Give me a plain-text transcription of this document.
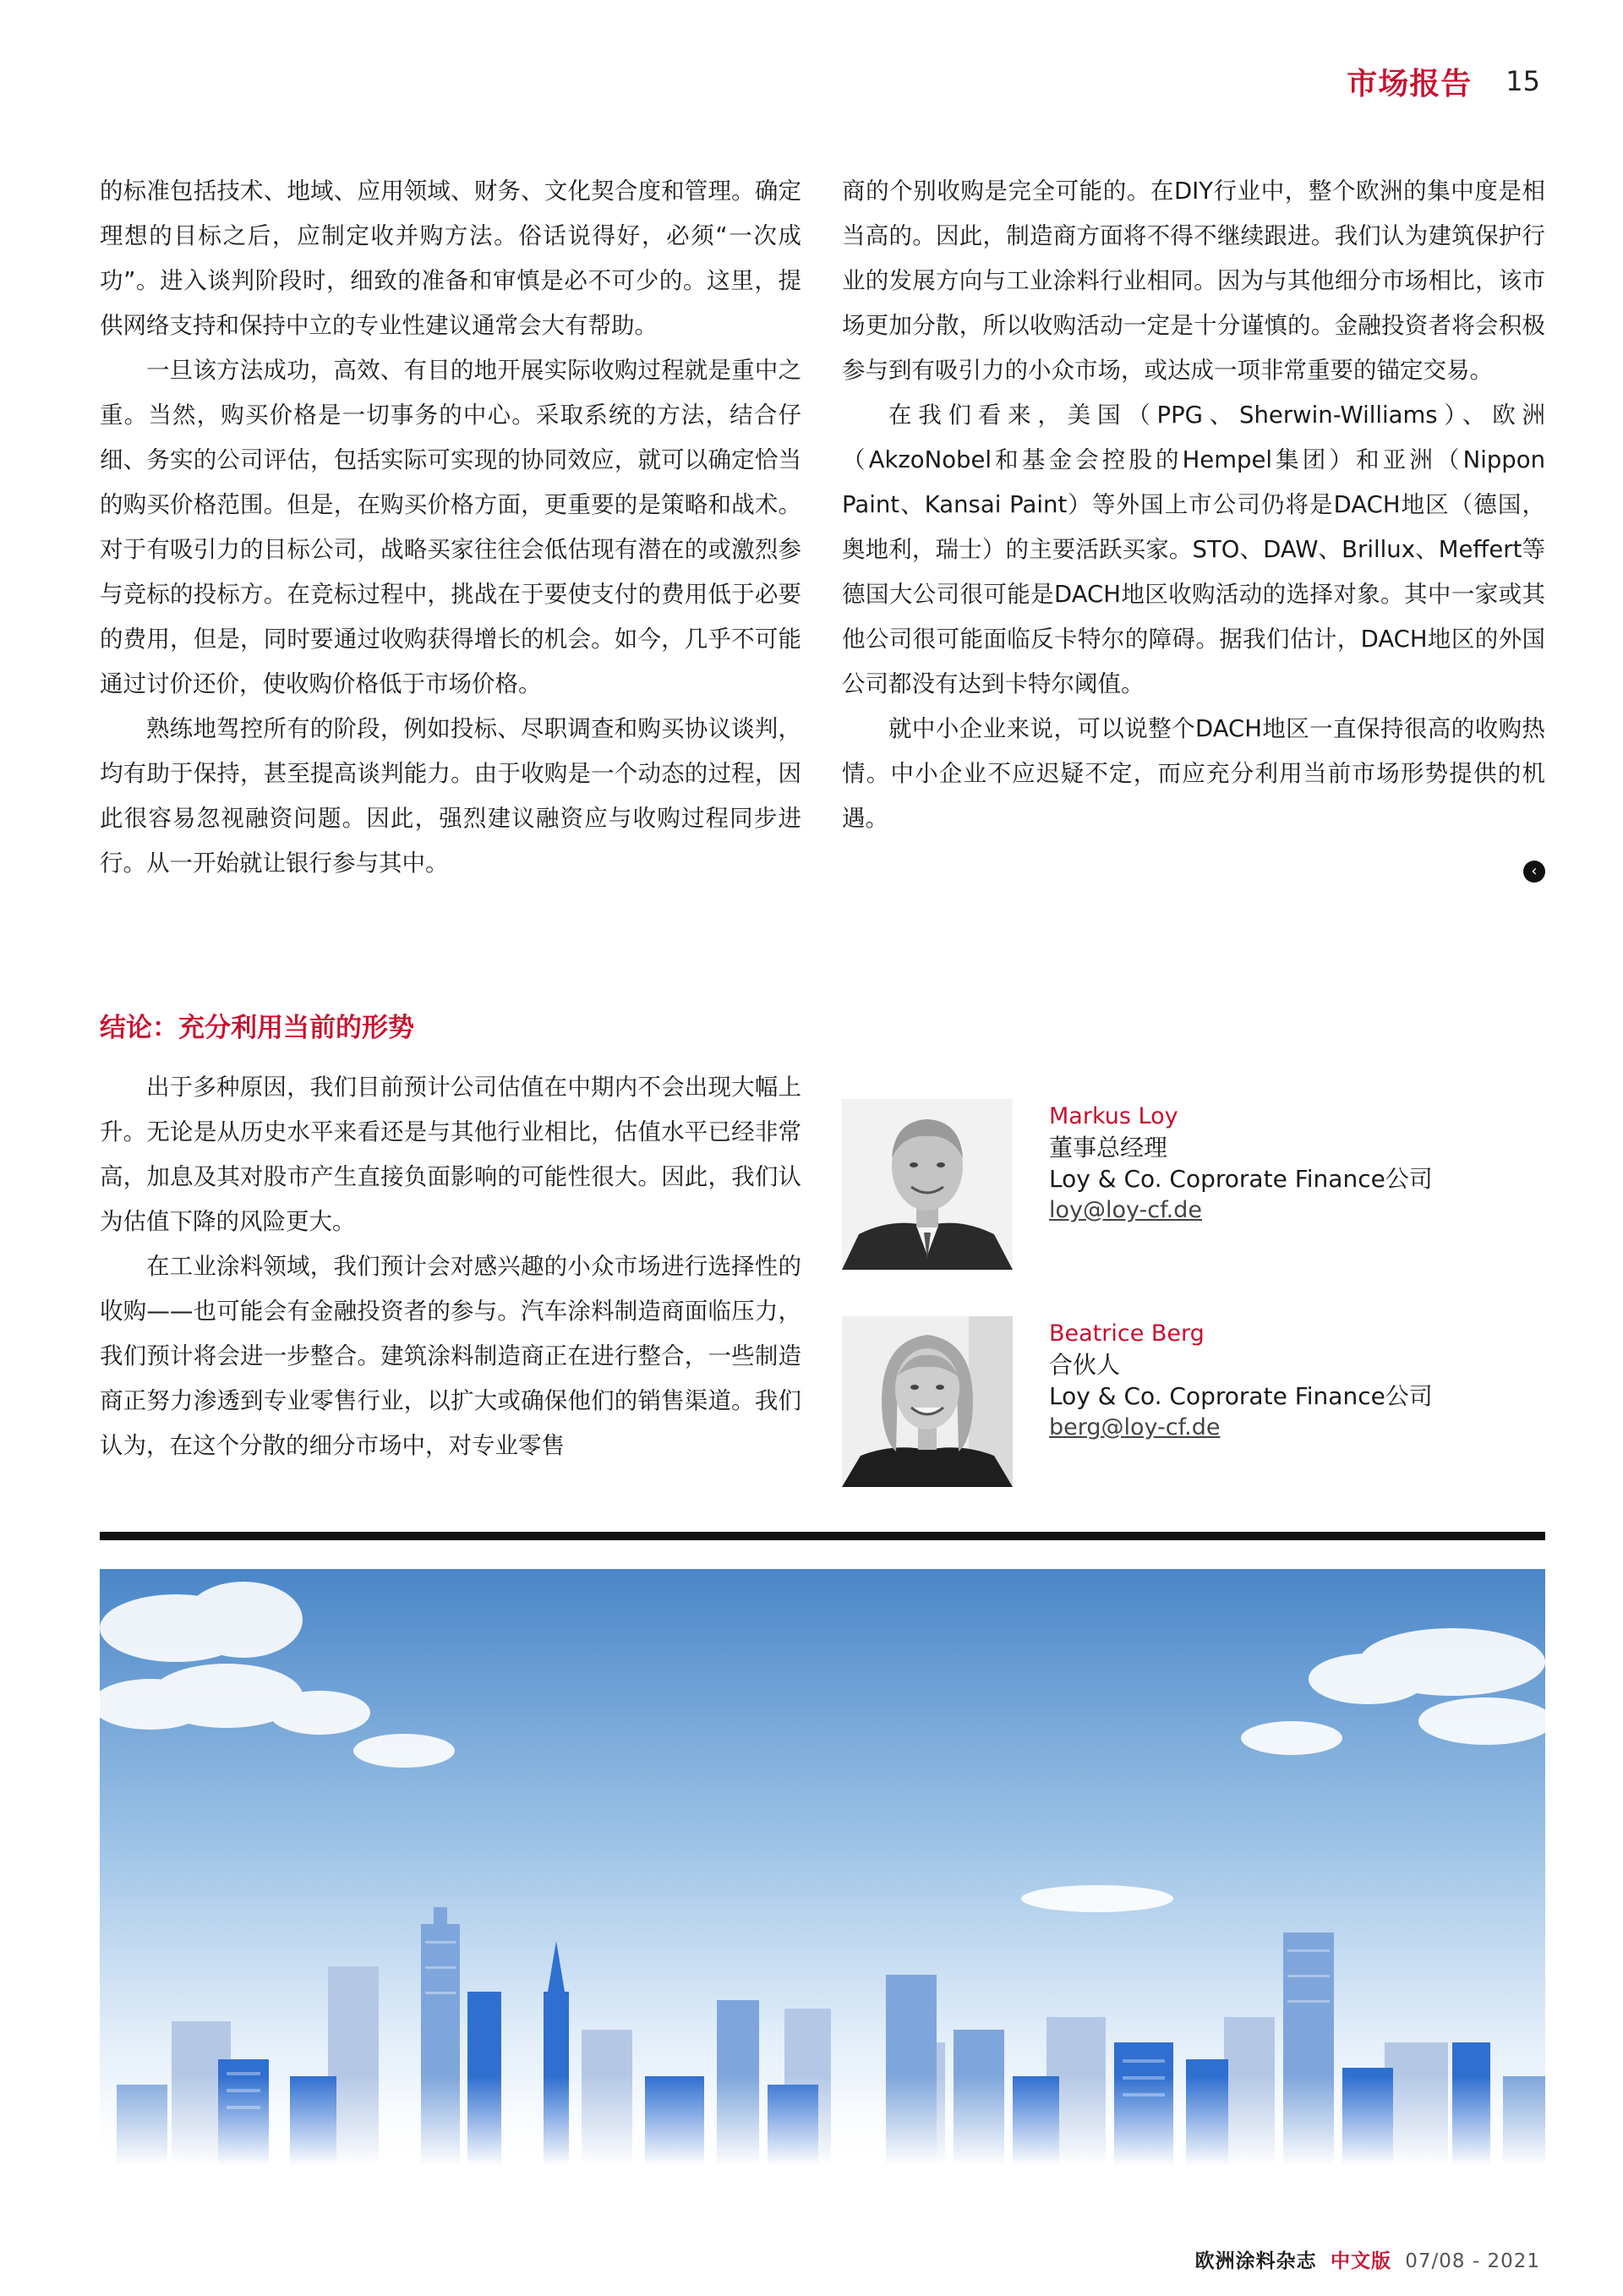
市场报告 15

的标准包括技术、地域、应用领域、财务、文化契合度和管理。确定理想的目标之后，应制定收并购方法。俗话说得好，必须“一次成功”。进入谈判阶段时，细致的准备和审慎是必不可少的。这里，提供网络支持和保持中立的专业性建议通常会大有帮助。

一旦该方法成功，高效、有目的地开展实际收购过程就是重中之重。当然，购买价格是一切事务的中心。采取系统的方法，结合仔细、务实的公司评估，包括实际可实现的协同效应，就可以确定恰当的购买价格范围。但是，在购买价格方面，更重要的是策略和战术。对于有吸引力的目标公司，战略买家往往会低估现有潜在的或激烈参与竞标的投标方。在竞标过程中，挑战在于要使支付的费用低于必要的费用，但是，同时要通过收购获得增长的机会。如今，几乎不可能通过讨价还价，使收购价格低于市场价格。

熟练地驾控所有的阶段，例如投标、尽职调查和购买协议谈判，均有助于保持，甚至提高谈判能力。由于收购是一个动态的过程，因此很容易忽视融资问题。因此，强烈建议融资应与收购过程同步进行。从一开始就让银行参与其中。

商的个别收购是完全可能的。在DIY行业中，整个欧洲的集中度是相当高的。因此，制造商方面将不得不继续跟进。我们认为建筑保护行业的发展方向与工业涂料行业相同。因为与其他细分市场相比，该市场更加分散，所以收购活动一定是十分谨慎的。金融投资者将会积极参与到有吸引力的小众市场，或达成一项非常重要的锚定交易。

在我们看来，美国（PPG、Sherwin-Williams）、欧洲（AkzoNobel和基金会控股的Hempel集团）和亚洲（Nippon Paint、Kansai Paint）等外国上市公司仍将是DACH地区（德国，奥地利，瑞士）的主要活跃买家。STO、DAW、Brillux、Meffert等德国大公司很可能是DACH地区收购活动的选择对象。其中一家或其他公司很可能面临反卡特尔的障碍。据我们估计，DACH地区的外国公司都没有达到卡特尔阈值。

就中小企业来说，可以说整个DACH地区一直保持很高的收购热情。中小企业不应迟疑不定，而应充分利用当前市场形势提供的机遇。

‹
结论：充分利用当前的形势

出于多种原因，我们目前预计公司估值在中期内不会出现大幅上升。无论是从历史水平来看还是与其他行业相比，估值水平已经非常高，加息及其对股市产生直接负面影响的可能性很大。因此，我们认为估值下降的风险更大。

在工业涂料领域，我们预计会对感兴趣的小众市场进行选择性的收购——也可能会有金融投资者的参与。汽车涂料制造商面临压力，我们预计将会进一步整合。建筑涂料制造商正在进行整合，一些制造商正努力渗透到专业零售行业，以扩大或确保他们的销售渠道。我们认为，在这个分散的细分市场中，对专业零售

Markus Loy
董事总经理
Loy & Co. Coprorate Finance公司
loy@loy-cf.de
Beatrice Berg
合伙人
Loy & Co. Coprorate Finance公司
berg@loy-cf.de
欧洲涂料杂志 中文版 07/08 - 2021
